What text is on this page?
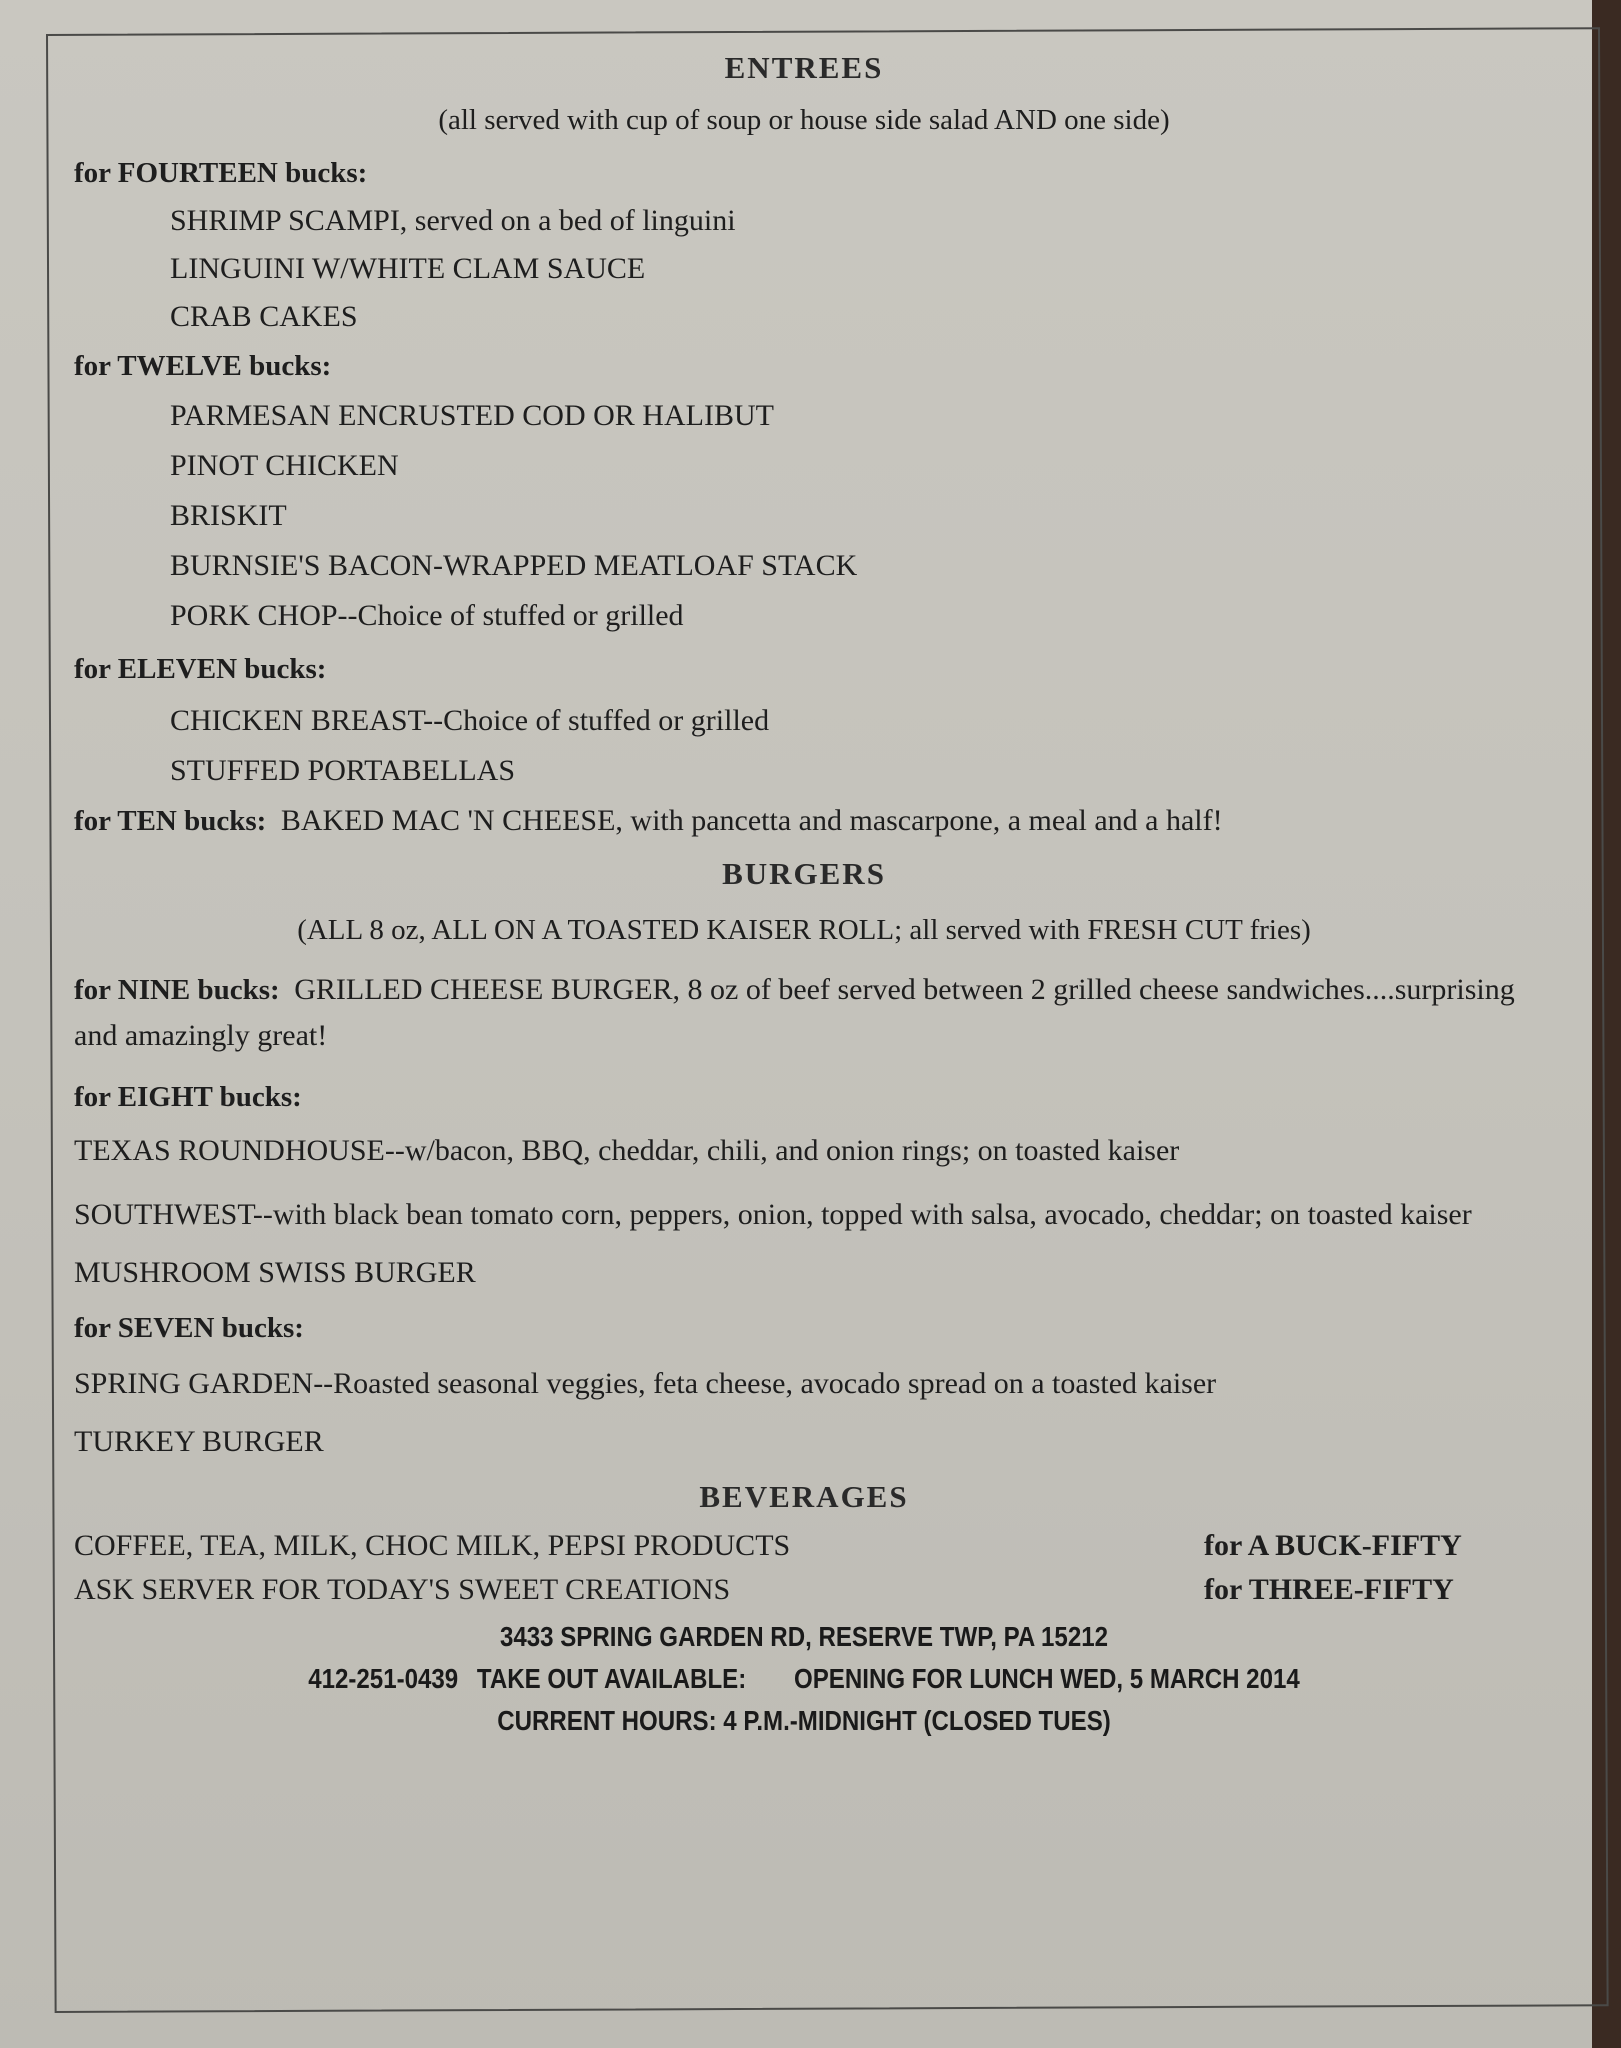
ENTREES

(all served with cup of soup or house side salad AND one side)

for FOURTEEN bucks:

SHRIMP SCAMPI, served on a bed of linguini

LINGUINI W/WHITE CLAM SAUCE

CRAB CAKES

for TWELVE bucks:

PARMESAN ENCRUSTED COD OR HALIBUT

PINOT CHICKEN

BRISKIT

BURNSIE'S BACON-WRAPPED MEATLOAF STACK

PORK CHOP--Choice of stuffed or grilled

for ELEVEN bucks:

CHICKEN BREAST--Choice of stuffed or grilled

STUFFED PORTABELLAS

for TEN bucks: BAKED MAC 'N CHEESE, with pancetta and mascarpone, a meal and a half!

BURGERS

(ALL 8 oz, ALL ON A TOASTED KAISER ROLL; all served with FRESH CUT fries)

for NINE bucks: GRILLED CHEESE BURGER, 8 oz of beef served between 2 grilled cheese sandwiches....surprising and amazingly great!

for EIGHT bucks:

TEXAS ROUNDHOUSE--w/bacon, BBQ, cheddar, chili, and onion rings; on toasted kaiser

SOUTHWEST--with black bean tomato corn, peppers, onion, topped with salsa, avocado, cheddar; on toasted kaiser

MUSHROOM SWISS BURGER

for SEVEN bucks:

SPRING GARDEN--Roasted seasonal veggies, feta cheese, avocado spread on a toasted kaiser

TURKEY BURGER

BEVERAGES
COFFEE, TEA, MILK, CHOC MILK, PEPSI PRODUCTS	for A BUCK-FIFTY
ASK SERVER FOR TODAY'S SWEET CREATIONS	for THREE-FIFTY

3433 SPRING GARDEN RD, RESERVE TWP, PA 15212

412-251-0439 TAKE OUT AVAILABLE: OPENING FOR LUNCH WED, 5 MARCH 2014

CURRENT HOURS: 4 P.M.-MIDNIGHT (CLOSED TUES)
